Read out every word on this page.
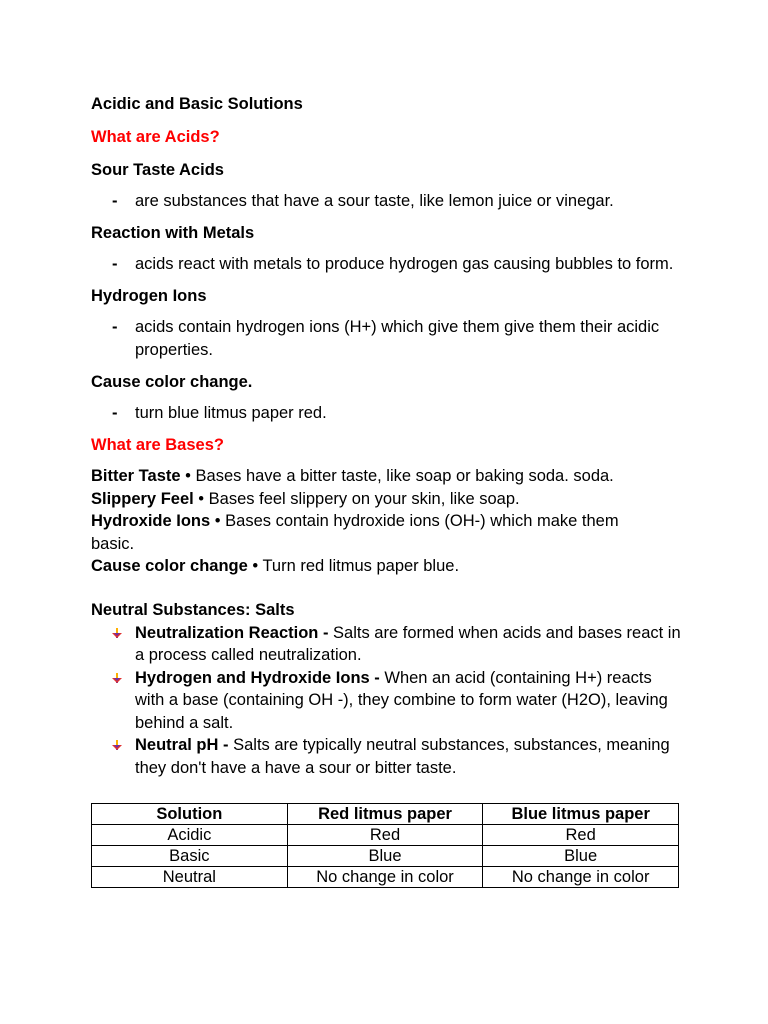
Acidic and Basic Solutions

What are Acids?

Sour Taste Acids

-	are substances that have a sour taste, like lemon juice or vinegar.

Reaction with Metals

-	acids react with metals to produce hydrogen gas causing bubbles to form.

Hydrogen Ions

-	acids contain hydrogen ions (H+) which give them give them their acidic properties.

Cause color change.

-	turn blue litmus paper red.

What are Bases?

Bitter Taste • Bases have a bitter taste, like soap or baking soda. soda.

Slippery Feel • Bases feel slippery on your skin, like soap.

Hydroxide Ions • Bases contain hydroxide ions (OH-) which make them basic.

Cause color change • Turn red litmus paper blue.

Neutral Substances: Salts

Neutralization Reaction - Salts are formed when acids and bases react in a process called neutralization.
Hydrogen and Hydroxide Ions - When an acid (containing H+) reacts with a base (containing OH -), they combine to form water (H2O), leaving behind a salt.
Neutral pH - Salts are typically neutral substances, substances, meaning they don't have a have a sour or bitter taste.
Solution	Red litmus paper	Blue litmus paper
Acidic	Red	Red
Basic	Blue	Blue
Neutral	No change in color	No change in color
